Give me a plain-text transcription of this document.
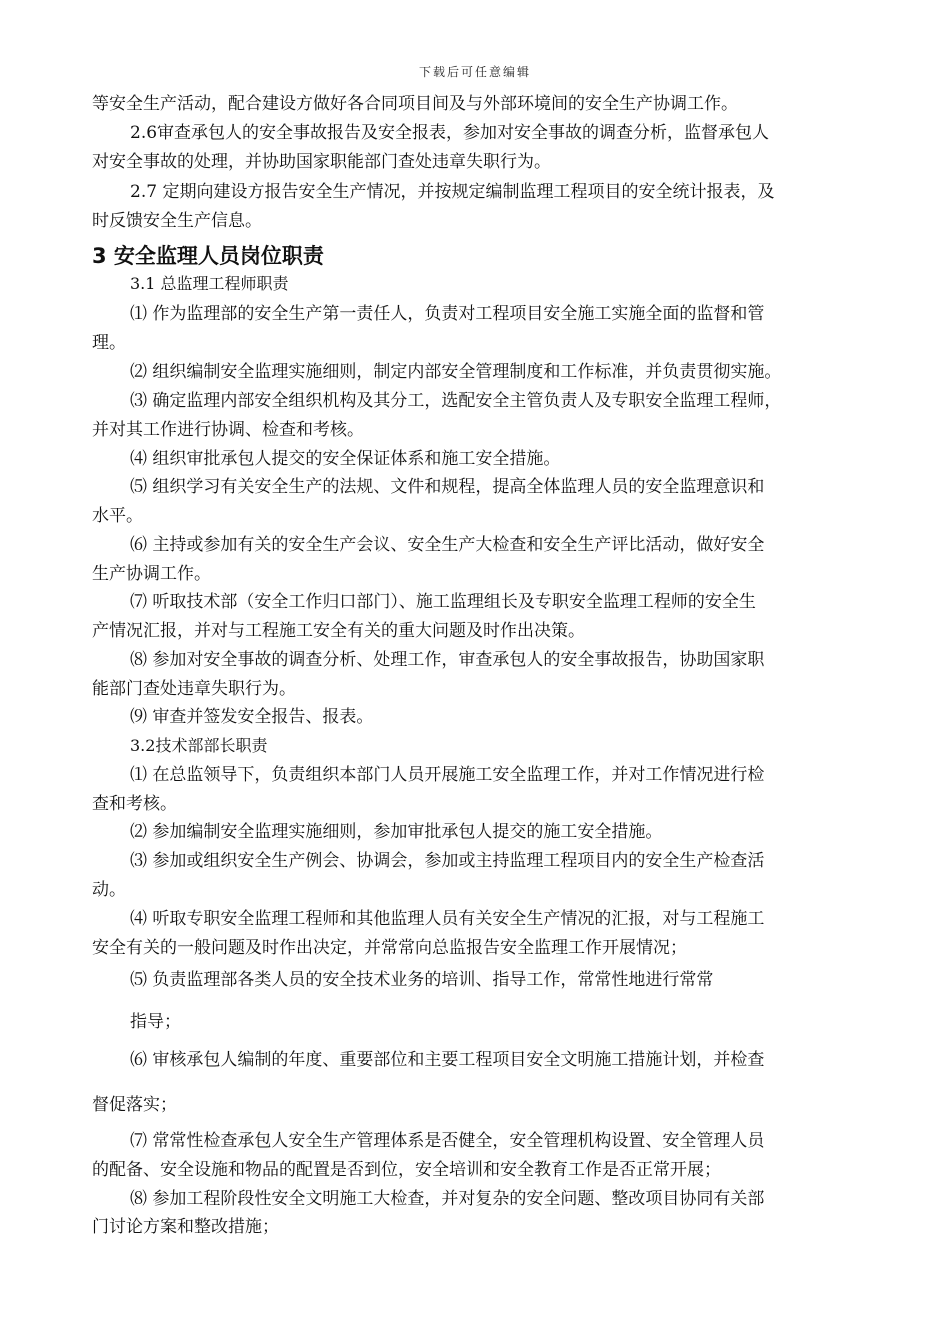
下载后可任意编辑
3 安全监理人员岗位职责
等安全生产活动，配合建设方做好各合同项目间及与外部环境间的安全生产协调工作。
2.6审查承包人的安全事故报告及安全报表，参加对安全事故的调查分析，监督承包人
对安全事故的处理，并协助国家职能部门查处违章失职行为。
2.7 定期向建设方报告安全生产情况，并按规定编制监理工程项目的安全统计报表，及
时反馈安全生产信息。
3.1 总监理工程师职责
⑴ 作为监理部的安全生产第一责任人，负责对工程项目安全施工实施全面的监督和管
理。
⑵ 组织编制安全监理实施细则，制定内部安全管理制度和工作标准，并负责贯彻实施。
⑶ 确定监理内部安全组织机构及其分工，选配安全主管负责人及专职安全监理工程师，
并对其工作进行协调、检查和考核。
⑷ 组织审批承包人提交的安全保证体系和施工安全措施。
⑸ 组织学习有关安全生产的法规、文件和规程，提高全体监理人员的安全监理意识和
水平。
⑹ 主持或参加有关的安全生产会议、安全生产大检查和安全生产评比活动，做好安全
生产协调工作。
⑺ 听取技术部（安全工作归口部门）、施工监理组长及专职安全监理工程师的安全生
产情况汇报，并对与工程施工安全有关的重大问题及时作出决策。
⑻ 参加对安全事故的调查分析、处理工作，审查承包人的安全事故报告，协助国家职
能部门查处违章失职行为。
⑼ 审查并签发安全报告、报表。
3.2技术部部长职责
⑴ 在总监领导下，负责组织本部门人员开展施工安全监理工作，并对工作情况进行检
查和考核。
⑵ 参加编制安全监理实施细则，参加审批承包人提交的施工安全措施。
⑶ 参加或组织安全生产例会、协调会，参加或主持监理工程项目内的安全生产检查活
动。
⑷ 听取专职安全监理工程师和其他监理人员有关安全生产情况的汇报，对与工程施工
安全有关的一般问题及时作出决定，并常常向总监报告安全监理工作开展情况；
⑸ 负责监理部各类人员的安全技术业务的培训、指导工作，常常性地进行常常
指导；
⑹ 审核承包人编制的年度、重要部位和主要工程项目安全文明施工措施计划，并检查
督促落实；
⑺ 常常性检查承包人安全生产管理体系是否健全，安全管理机构设置、安全管理人员
的配备、安全设施和物品的配置是否到位，安全培训和安全教育工作是否正常开展；
⑻ 参加工程阶段性安全文明施工大检查，并对复杂的安全问题、整改项目协同有关部
门讨论方案和整改措施；
